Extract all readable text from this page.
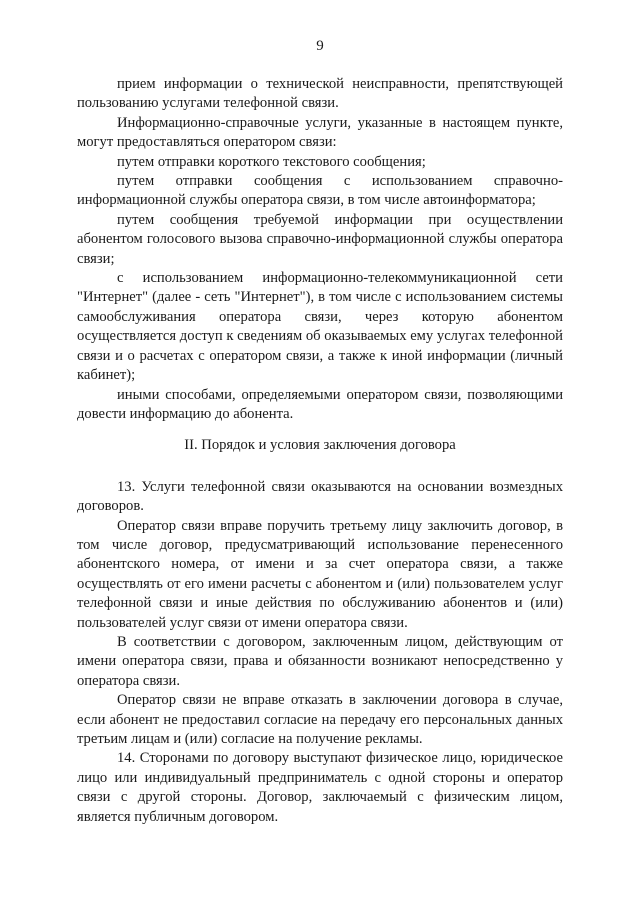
9

прием информации о технической неисправности, препятствующей пользованию услугами телефонной связи.

Информационно-справочные услуги, указанные в настоящем пункте, могут предоставляться оператором связи:

путем отправки короткого текстового сообщения;

путем отправки сообщения с использованием справочно-информационной службы оператора связи, в том числе автоинформатора;

путем сообщения требуемой информации при осуществлении абонентом голосового вызова справочно-информационной службы оператора связи;

с использованием информационно-телекоммуникационной сети "Интернет" (далее - сеть "Интернет"), в том числе с использованием системы самообслуживания оператора связи, через которую абонентом осуществляется доступ к сведениям об оказываемых ему услугах телефонной связи и о расчетах с оператором связи, а также к иной информации (личный кабинет);

иными способами, определяемыми оператором связи, позволяющими довести информацию до абонента.

II. Порядок и условия заключения договора

13. Услуги телефонной связи оказываются на основании возмездных договоров.

Оператор связи вправе поручить третьему лицу заключить договор, в том числе договор, предусматривающий использование перенесенного абонентского номера, от имени и за счет оператора связи, а также осуществлять от его имени расчеты с абонентом и (или) пользователем услуг телефонной связи и иные действия по обслуживанию абонентов и (или) пользователей услуг связи от имени оператора связи.

В соответствии с договором, заключенным лицом, действующим от имени оператора связи, права и обязанности возникают непосредственно у оператора связи.

Оператор связи не вправе отказать в заключении договора в случае, если абонент не предоставил согласие на передачу его персональных данных третьим лицам и (или) согласие на получение рекламы.

14. Сторонами по договору выступают физическое лицо, юридическое лицо или индивидуальный предприниматель с одной стороны и оператор связи с другой стороны. Договор, заключаемый с физическим лицом, является публичным договором.
